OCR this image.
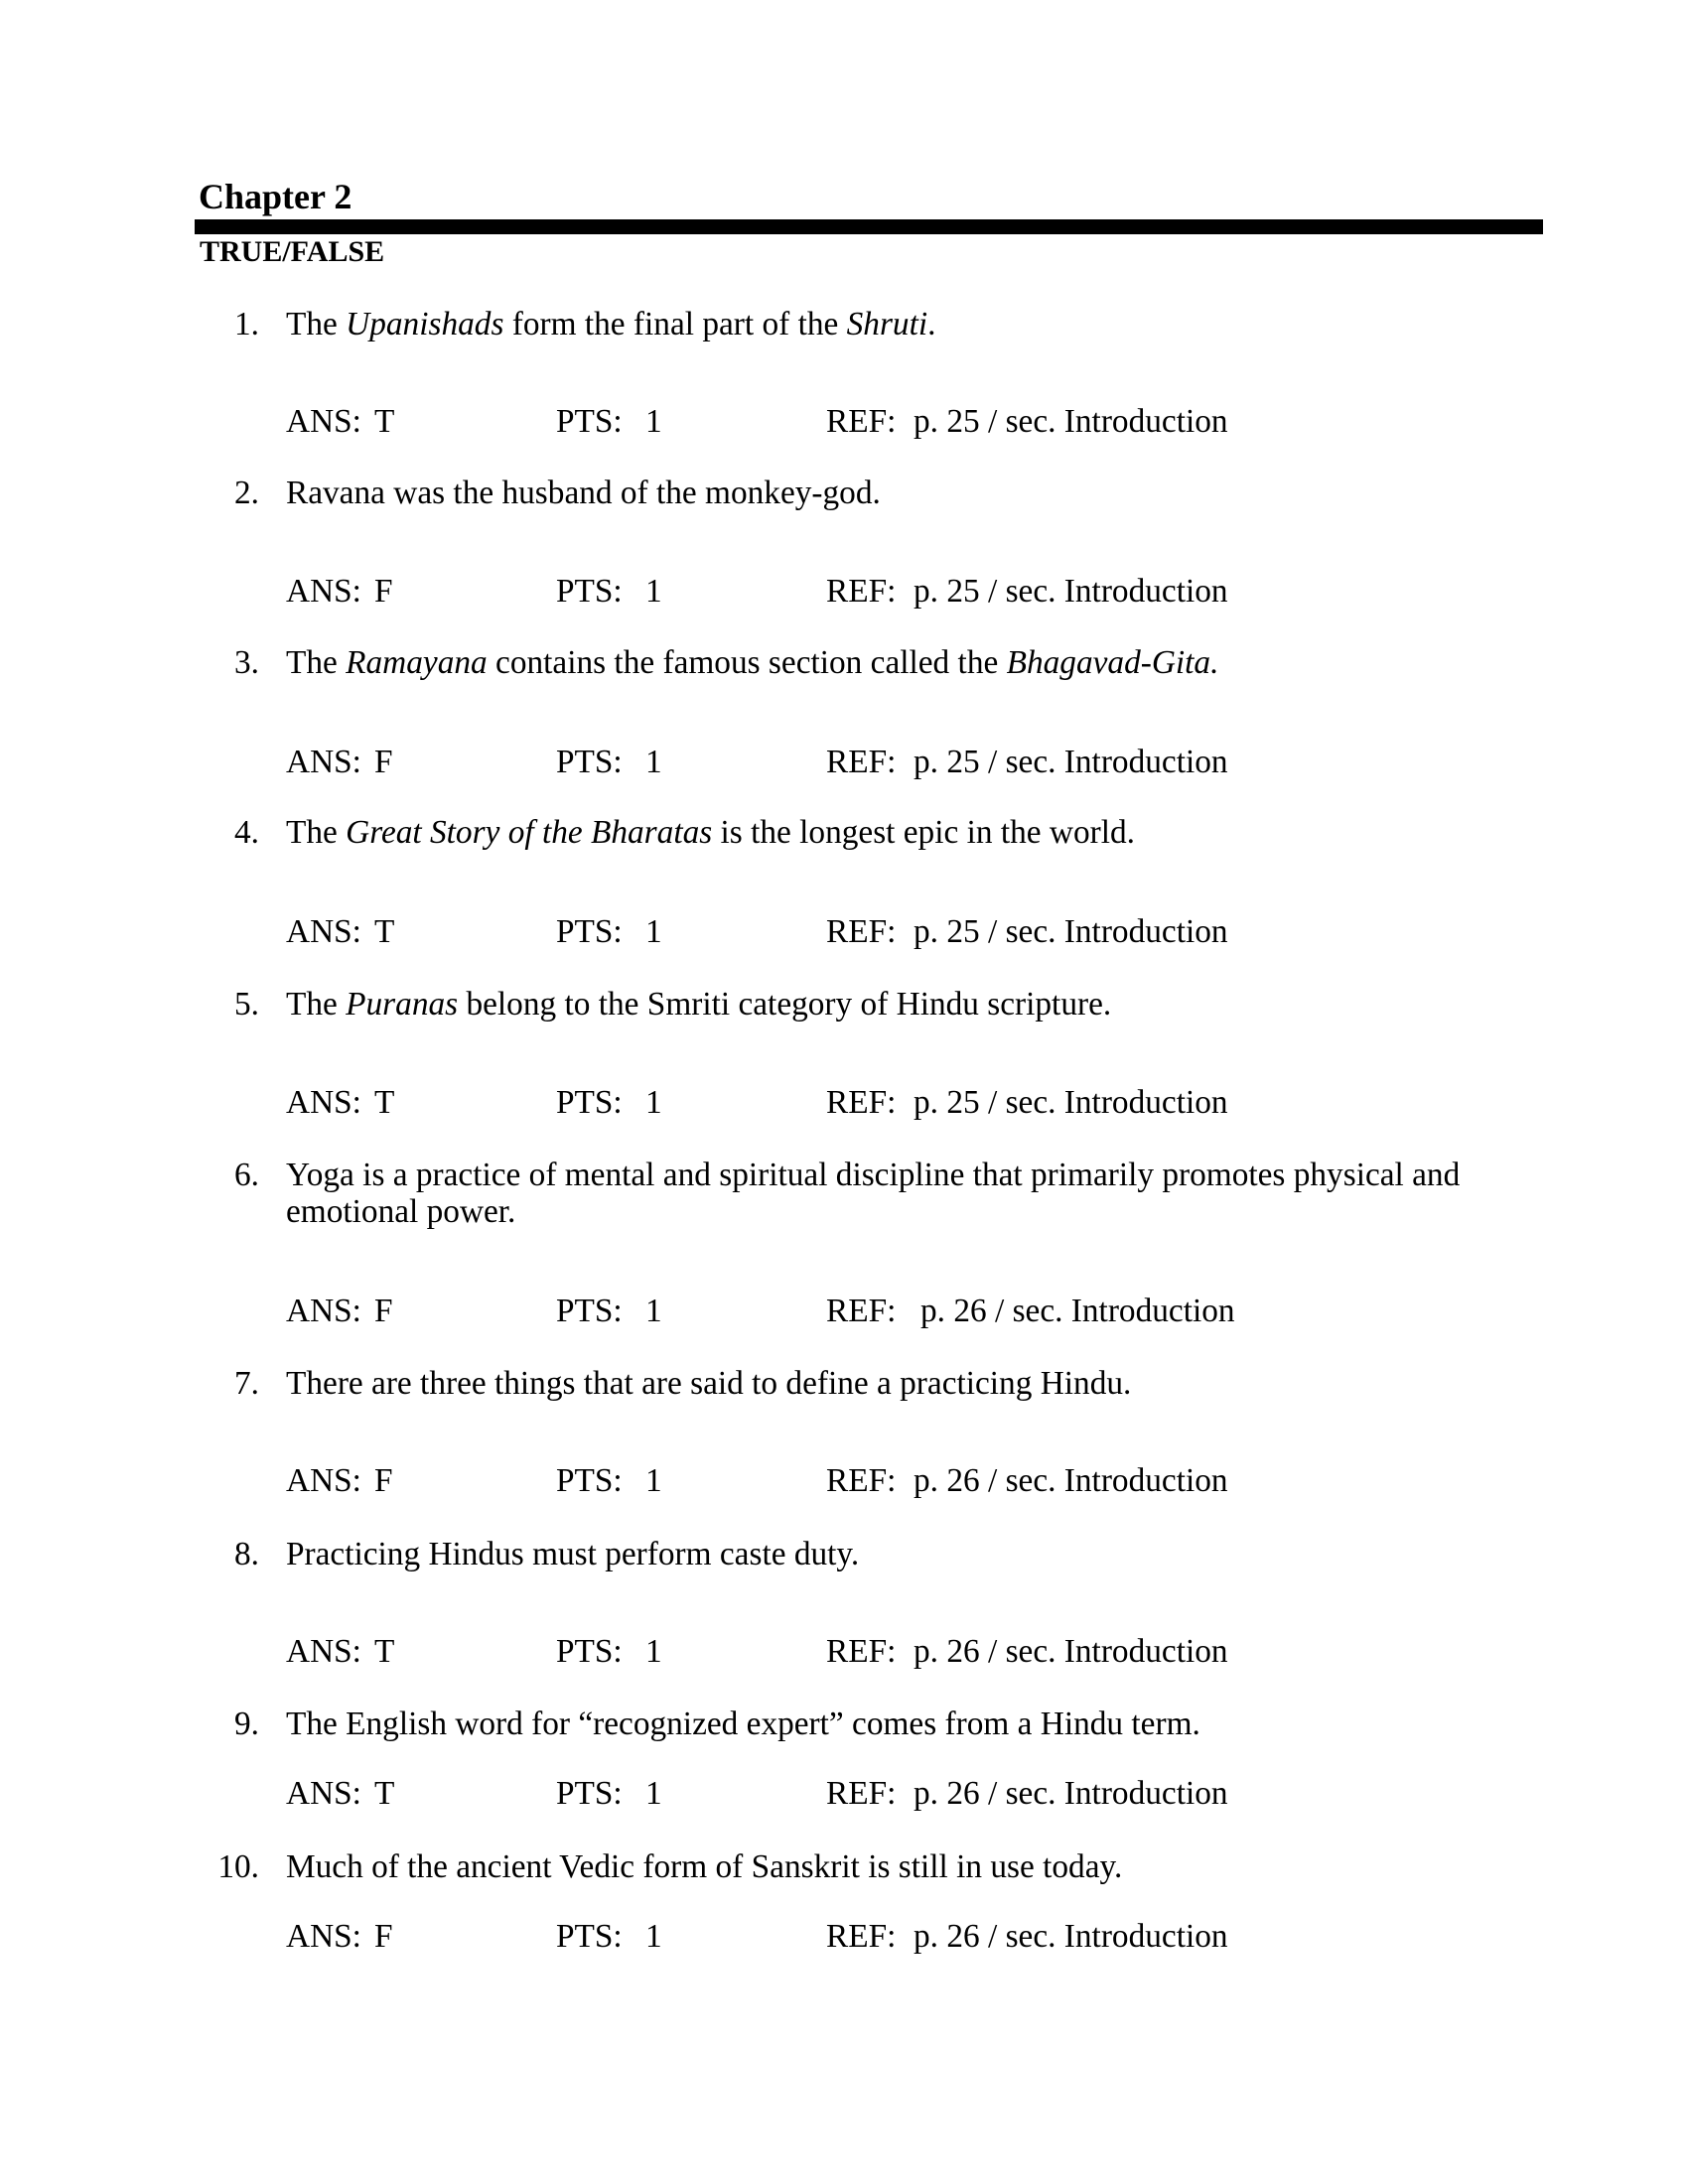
Chapter 2
TRUE/FALSE
1. The Upanishads form the final part of the Shruti.
ANS: T	PTS: 1	REF: p. 25 / sec. Introduction
2. Ravana was the husband of the monkey-god.
ANS: F	PTS: 1	REF: p. 25 / sec. Introduction
3. The Ramayana contains the famous section called the Bhagavad-Gita.
ANS: F	PTS: 1	REF: p. 25 / sec. Introduction
4. The Great Story of the Bharatas is the longest epic in the world.
ANS: T	PTS: 1	REF: p. 25 / sec. Introduction
5. The Puranas belong to the Smriti category of Hindu scripture.
ANS: T	PTS: 1	REF: p. 25 / sec. Introduction
6. Yoga is a practice of mental and spiritual discipline that primarily promotes physical and
emotional power.
ANS: F	PTS: 1	REF: p. 26 / sec. Introduction
7. There are three things that are said to define a practicing Hindu.
ANS: F	PTS: 1	REF: p. 26 / sec. Introduction
8. Practicing Hindus must perform caste duty.
ANS: T	PTS: 1	REF: p. 26 / sec. Introduction
9. The English word for “recognized expert” comes from a Hindu term.
ANS: T	PTS: 1	REF: p. 26 / sec. Introduction
10. Much of the ancient Vedic form of Sanskrit is still in use today.
ANS: F	PTS: 1	REF: p. 26 / sec. Introduction
